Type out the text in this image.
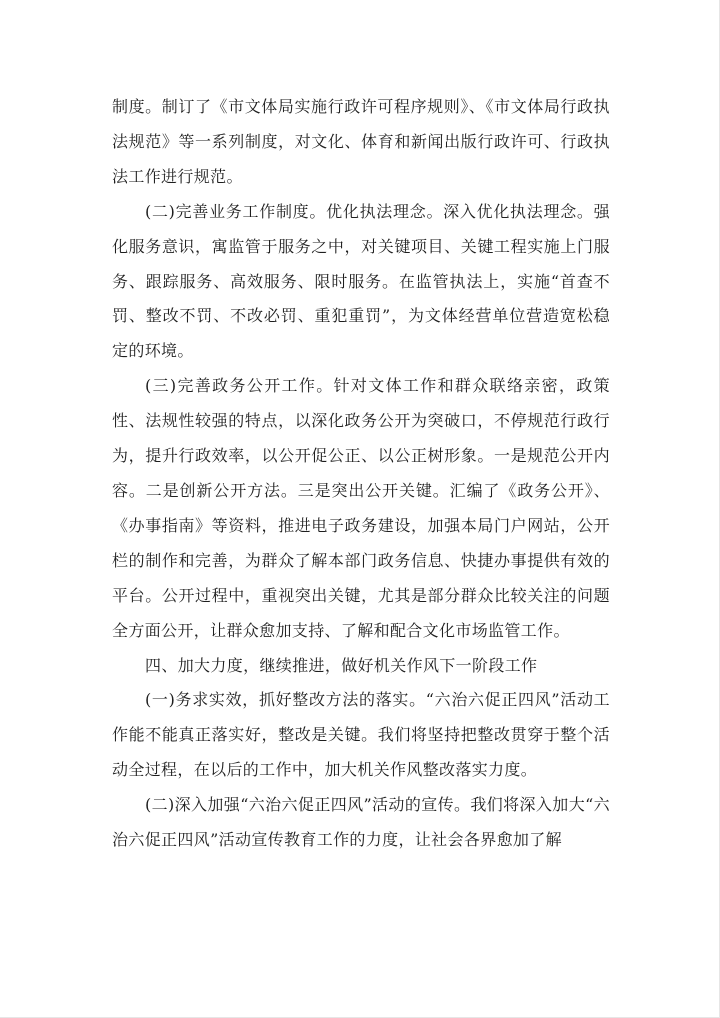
制度。制订了《市文体局实施行政许可程序规则》、《市文体局行政执法规范》等一系列制度，对文化、体育和新闻出版行政许可、行政执法工作进行规范。

(二)完善业务工作制度。优化执法理念。深入优化执法理念。强化服务意识，寓监管于服务之中，对关键项目、关键工程实施上门服务、跟踪服务、高效服务、限时服务。在监管执法上，实施“首查不罚、整改不罚、不改必罚、重犯重罚”，为文体经营单位营造宽松稳定的环境。

(三)完善政务公开工作。针对文体工作和群众联络亲密，政策性、法规性较强的特点，以深化政务公开为突破口，不停规范行政行为，提升行政效率，以公开促公正、以公正树形象。一是规范公开内容。二是创新公开方法。三是突出公开关键。汇编了《政务公开》、《办事指南》等资料，推进电子政务建设，加强本局门户网站，公开栏的制作和完善，为群众了解本部门政务信息、快捷办事提供有效的平台。公开过程中，重视突出关键，尤其是部分群众比较关注的问题全方面公开，让群众愈加支持、了解和配合文化市场监管工作。

四、加大力度，继续推进，做好机关作风下一阶段工作

(一)务求实效，抓好整改方法的落实。“六治六促正四风”活动工作能不能真正落实好，整改是关键。我们将坚持把整改贯穿于整个活动全过程，在以后的工作中，加大机关作风整改落实力度。

(二)深入加强“六治六促正四风”活动的宣传。我们将深入加大“六治六促正四风”活动宣传教育工作的力度，让社会各界愈加了解
